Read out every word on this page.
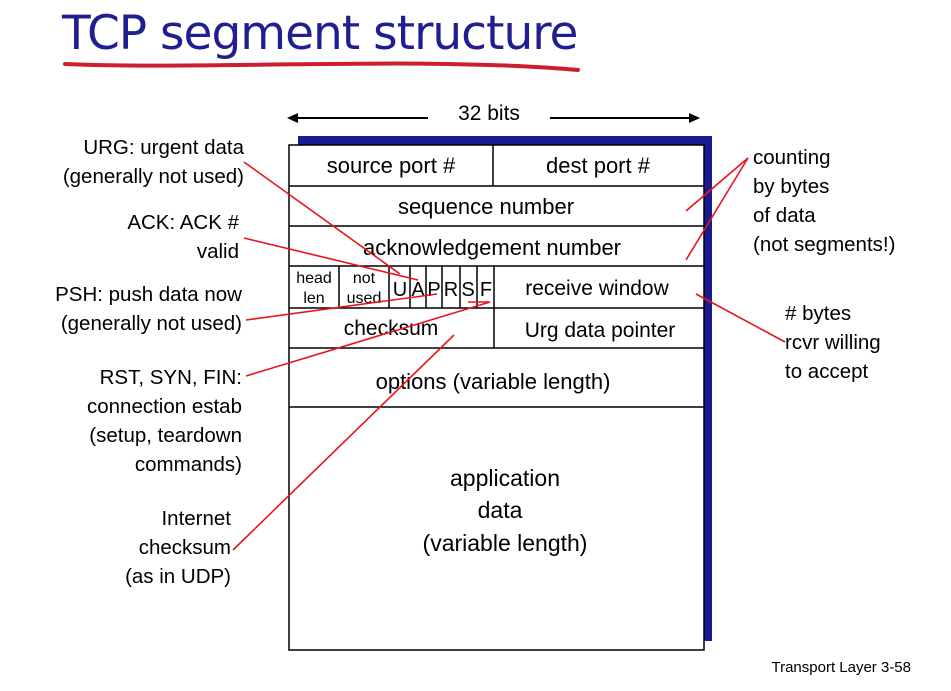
TCP segment structure
32 bits
source port #	dest port #
sequence number
acknowledgement number
receive window
checksum	Urg data pointer
options (variable length)
application
data
(variable length)
head
len
not
used U A P R S F
URG: urgent data
(generally not used)
ACK: ACK #
valid
PSH: push data now
(generally not used)
RST, SYN, FIN:
connection estab
(setup, teardown
commands)
Internet
checksum
(as in UDP)
counting
by bytes
of data
(not segments!)
# bytes
rcvr willing
to accept
Transport Layer 3-58
